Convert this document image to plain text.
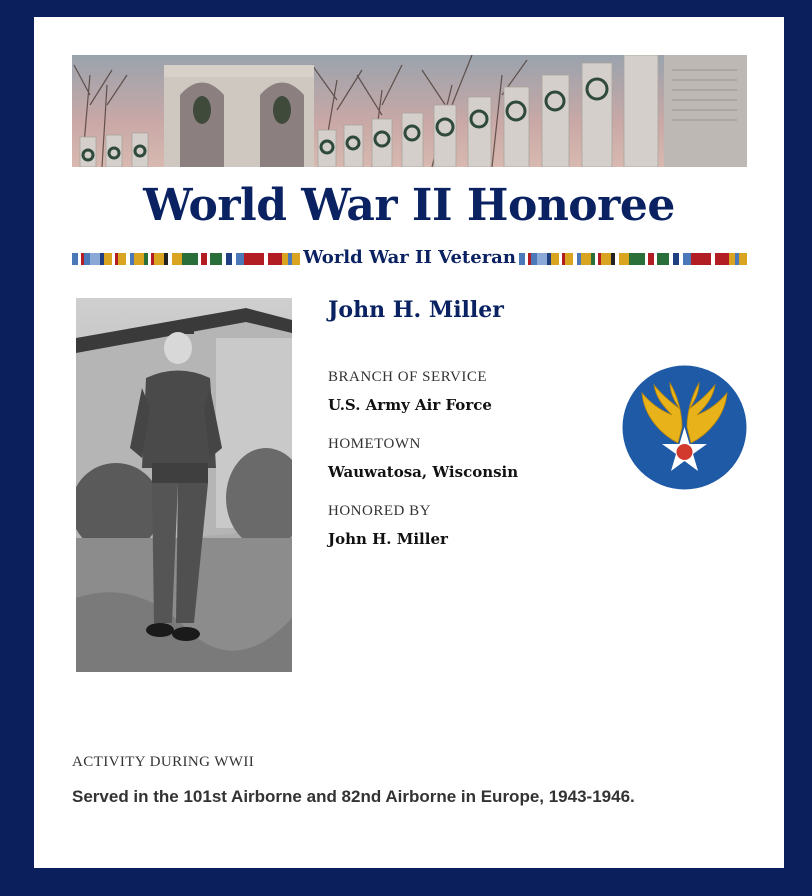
World War II Honoree
World War II Veteran
John H. Miller
BRANCH OF SERVICE
U.S. Army Air Force
HOMETOWN
Wauwatosa, Wisconsin
HONORED BY
John H. Miller
ACTIVITY DURING WWII
Served in the 101st Airborne and 82nd Airborne in Europe, 1943-1946.
